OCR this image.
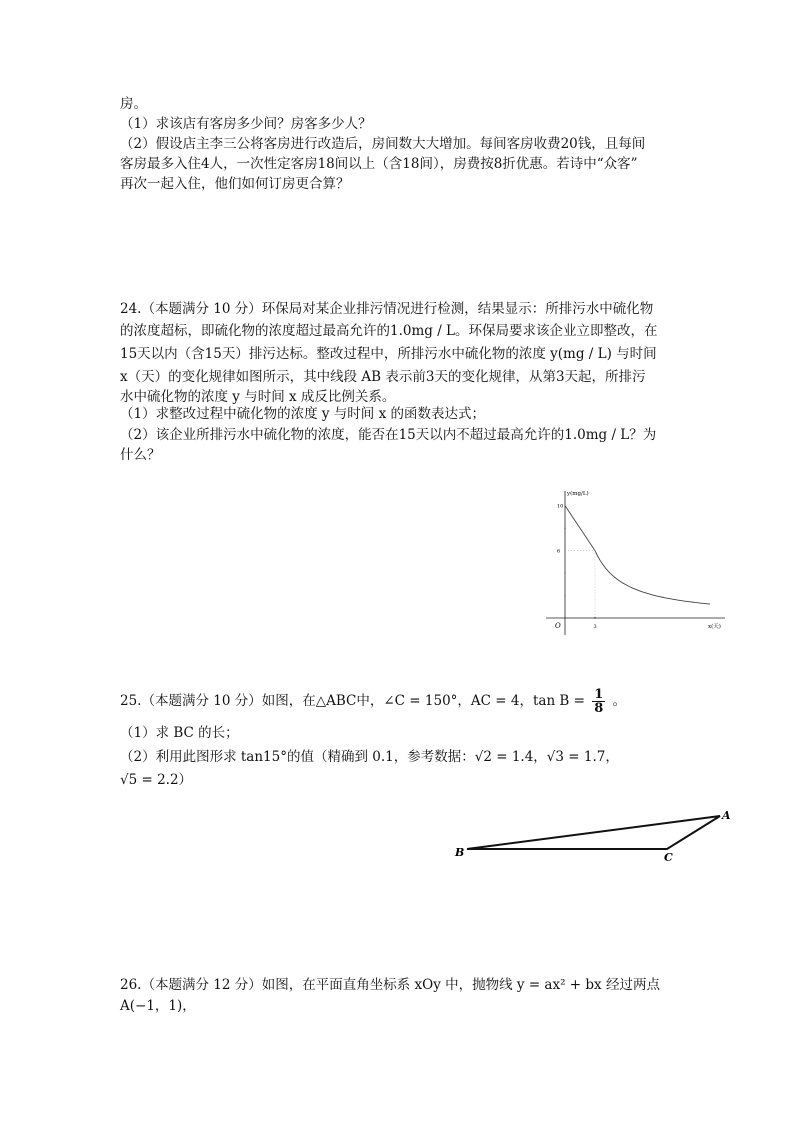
房。
（1）求该店有客房多少间？房客多少人？
（2）假设店主李三公将客房进行改造后，房间数大大增加。每间客房收费20钱，且每间
客房最多入住4人，一次性定客房18间以上（含18间），房费按8折优惠。若诗中“众客”
再次一起入住，他们如何订房更合算？
24.（本题满分 10 分）环保局对某企业排污情况进行检测，结果显示：所排污水中硫化物
的浓度超标，即硫化物的浓度超过最高允许的1.0mg / L。环保局要求该企业立即整改，在
15天以内（含15天）排污达标。整改过程中，所排污水中硫化物的浓度 y(mg / L) 与时间
x（天）的变化规律如图所示，其中线段 AB 表示前3天的变化规律，从第3天起，所排污
水中硫化物的浓度 y 与时间 x 成反比例关系。
（1）求整改过程中硫化物的浓度 y 与时间 x 的函数表达式；
（2）该企业所排污水中硫化物的浓度，能否在15天以内不超过最高允许的1.0mg / L？为
什么？
10
6
3
y(mg/L)
x(天)
O
25.（本题满分 10 分）如图，在△ABC中，∠C = 150°，AC = 4，$\tan B = \frac{1}{8}$ 。
（1）求 BC 的长；
（2）利用此图形求 tan15°的值（精确到 0.1，参考数据：√2 = 1.4，√3 = 1.7，
√5 = 2.2）
A
B	C
26.（本题满分 12 分）如图，在平面直角坐标系 xOy 中，抛物线 y = ax² + bx 经过两点
A(−1，1)，
